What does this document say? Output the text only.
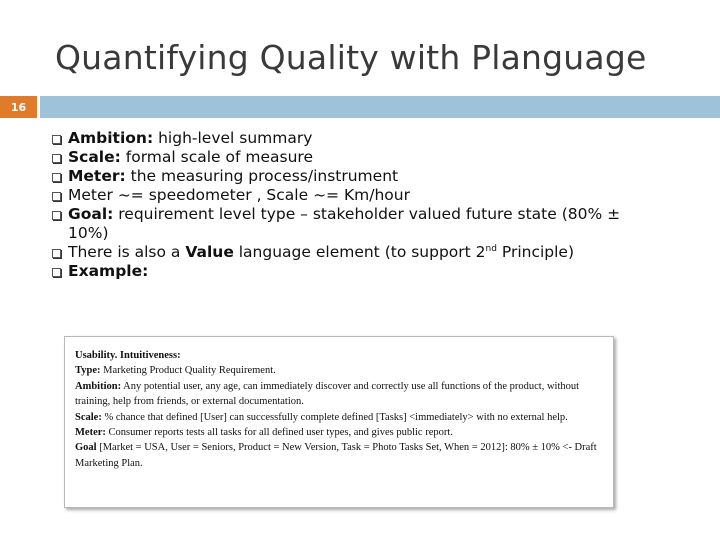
Quantifying Quality with Planguage
16
Ambition: high-level summary
Scale: formal scale of measure
Meter: the measuring process/instrument
Meter ~= speedometer , Scale ~= Km/hour
Goal: requirement level type – stakeholder valued future state (80% ± 10%)
There is also a Value language element (to support 2nd Principle)
Example:
Usability. Intuitiveness:
Type: Marketing Product Quality Requirement.
Ambition: Any potential user, any age, can immediately discover and correctly use all functions of the product, without training, help from friends, or external documentation.
Scale: % chance that defined [User] can successfully complete defined [Tasks] <immediately> with no external help.
Meter: Consumer reports tests all tasks for all defined user types, and gives public report.
Goal [Market = USA, User = Seniors, Product = New Version, Task = Photo Tasks Set, When = 2012]: 80% ± 10% <- Draft Marketing Plan.
